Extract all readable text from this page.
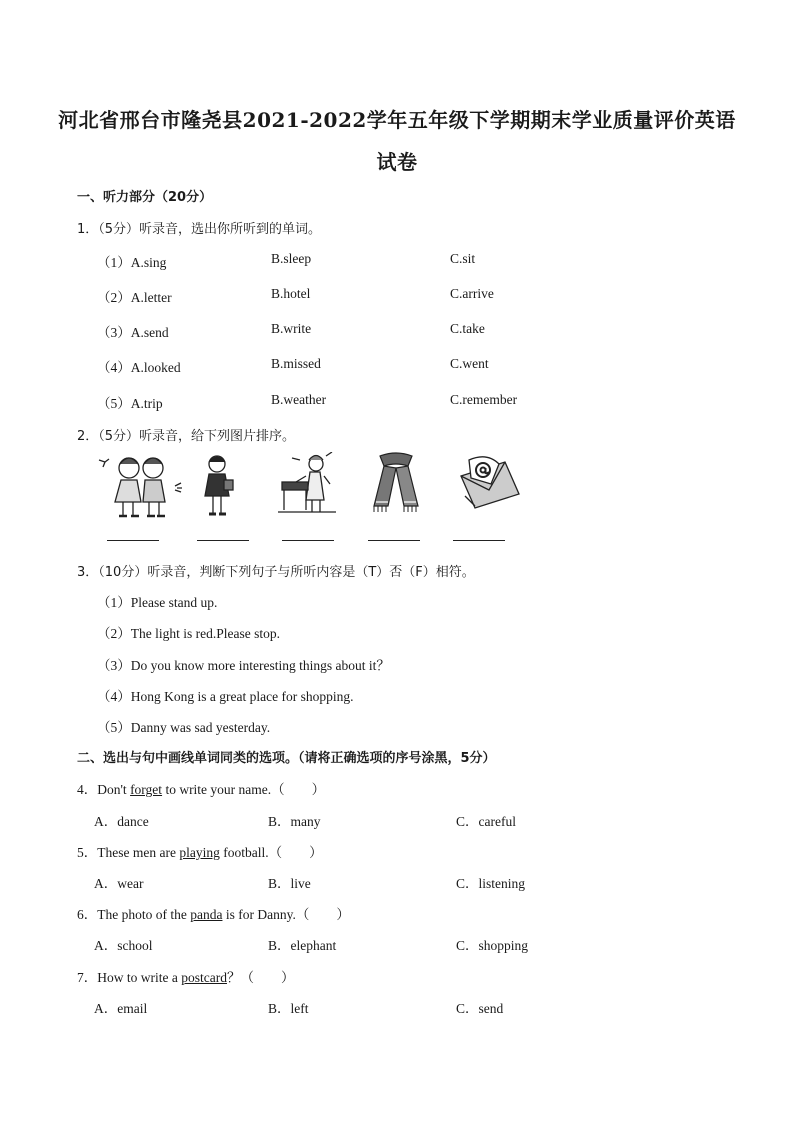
河北省邢台市隆尧县2021-2022学年五年级下学期期末学业质量评价英语
试卷
一、听力部分（20分）
1．（5分）听录音，选出你所听到的单词。
（1）A.sing	B.sleep	C.sit
（2）A.letter	B.hotel	C.arrive
（3）A.send	B.write	C.take
（4）A.looked	B.missed	C.went
（5）A.trip	B.weather	C.remember
2．（5分）听录音，给下列图片排序。
3．（10分）听录音，判断下列句子与所听内容是（T）否（F）相符。
（1）Please stand up.
（2）The light is red.Please stop.
（3）Do you know more interesting things about it？
（4）Hong Kong is a great place for shopping.
（5）Danny was sad yesterday.
二、选出与句中画线单词同类的选项。（请将正确选项的序号涂黑，5分）
4．Don't forget to write your name.（　　）
A．dance	B．many	C．careful
5．These men are playing football.（　　）
A．wear	B．live	C．listening
6．The photo of the panda is for Danny.（　　）
A．school	B．elephant	C．shopping
7．How to write a postcard？（　　）
A．email	B．left	C．send
